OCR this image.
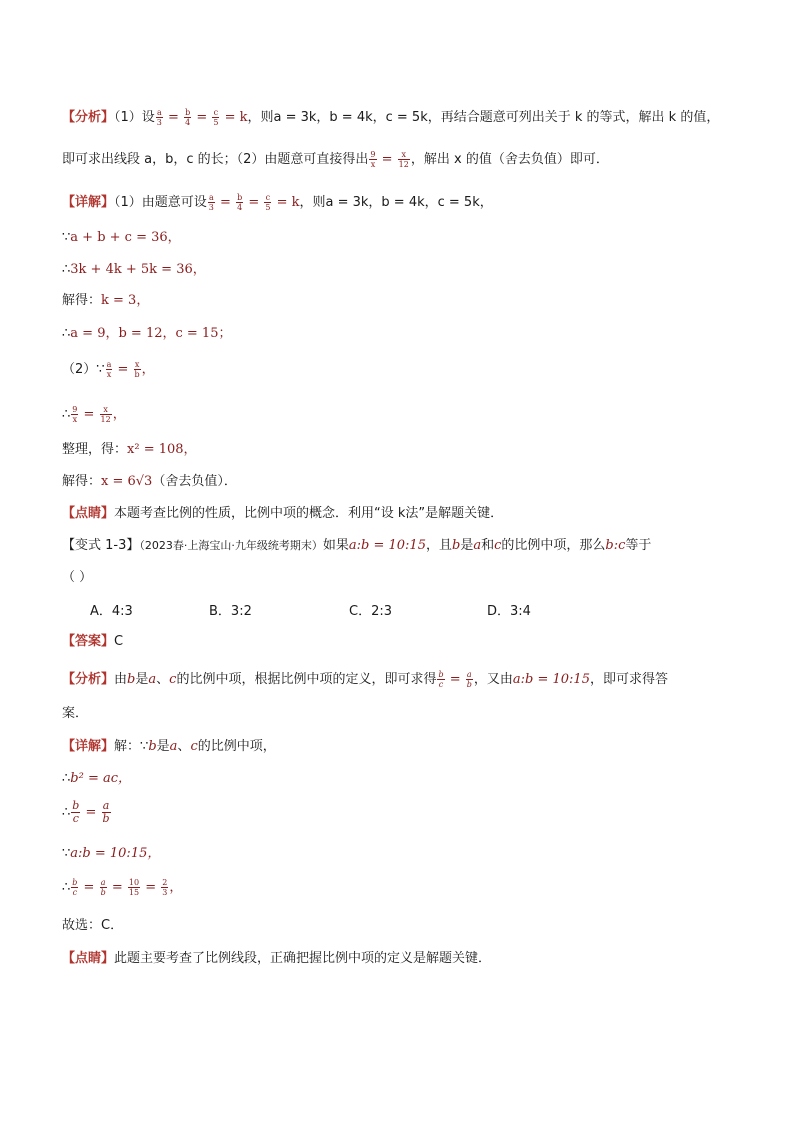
【分析】（1）设 $\frac{a}{3} = \frac{b}{4} = \frac{c}{5} = k$，则a = 3k，b = 4k，c = 5k，再结合题意可列出关于 k 的等式，解出 k 的值，
即可求出线段 a，b，c 的长；（2）由题意可直接得出 $\frac{9}{x} = \frac{x}{12}$ ，解出 x 的值（舍去负值）即可．
【详解】（1）由题意可设 $\frac{a}{3} = \frac{b}{4} = \frac{c}{5} = k$，则a = 3k，b = 4k，c = 5k，
∵a + b + c = 36，
∴3k + 4k + 5k = 36，
解得：k = 3，
∴a = 9，b = 12，c = 15；
（2）∵ $\frac{a}{x} = \frac{x}{b}$ ，
∴ $\frac{9}{x} = \frac{x}{12}$ ，
整理，得：x² = 108，
解得：x = 6√3（舍去负值）．
【点睛】本题考查比例的性质，比例中项的概念．利用“设 k法”是解题关键．
【变式 1-3】（2023春·上海宝山·九年级统考期末）如果a:b = 10:15，且b是a和c的比例中项，那么b:c等于
（ ）
A．4:3	B．3:2	C．2:3	D．3:4
【答案】C
【分析】由b是a、c的比例中项，根据比例中项的定义，即可求得 $\frac{b}{c} = \frac{a}{b}$ ，又由a:b = 10:15，即可求得答
案．
【详解】解：∵b是a、c的比例中项，
∴b² = ac，
∴ $\frac{b}{c} = \frac{a}{b}$
∵a:b = 10:15，
∴ $\frac{b}{c} = \frac{a}{b} = \frac{10}{15} = \frac{2}{3}$ ，
故选：C．
【点睛】此题主要考查了比例线段，正确把握比例中项的定义是解题关键．
